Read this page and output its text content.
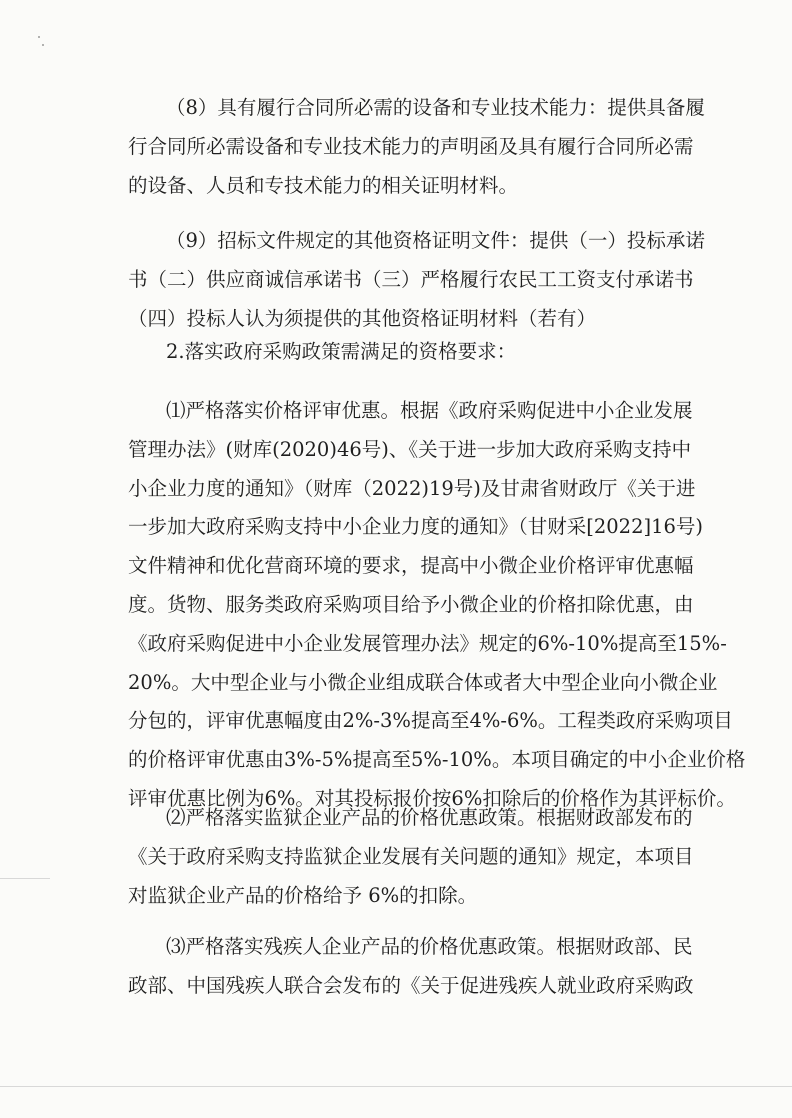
（8）具有履行合同所必需的设备和专业技术能力：提供具备履
行合同所必需设备和专业技术能力的声明函及具有履行合同所必需
的设备、人员和专技术能力的相关证明材料。
（9）招标文件规定的其他资格证明文件：提供（一）投标承诺
书（二）供应商诚信承诺书（三）严格履行农民工工资支付承诺书
（四）投标人认为须提供的其他资格证明材料（若有）
2.落实政府采购政策需满足的资格要求：
⑴严格落实价格评审优惠。根据《政府采购促进中小企业发展
管理办法》(财库(2020)46号)、《关于进一步加大政府采购支持中
小企业力度的通知》（财库（2022)19号)及甘肃省财政厅《关于进
一步加大政府采购支持中小企业力度的通知》（甘财采[2022]16号)
文件精神和优化营商环境的要求，提高中小微企业价格评审优惠幅
度。货物、服务类政府采购项目给予小微企业的价格扣除优惠，由
《政府采购促进中小企业发展管理办法》规定的6%-10%提高至15%-
20%。大中型企业与小微企业组成联合体或者大中型企业向小微企业
分包的，评审优惠幅度由2%-3%提高至4%-6%。工程类政府采购项目
的价格评审优惠由3%-5%提高至5%-10%。本项目确定的中小企业价格
评审优惠比例为6%。对其投标报价按6%扣除后的价格作为其评标价。
⑵严格落实监狱企业产品的价格优惠政策。根据财政部发布的
《关于政府采购支持监狱企业发展有关问题的通知》规定，本项目
对监狱企业产品的价格给予 6%的扣除。
⑶严格落实残疾人企业产品的价格优惠政策。根据财政部、民
政部、中国残疾人联合会发布的《关于促进残疾人就业政府采购政
